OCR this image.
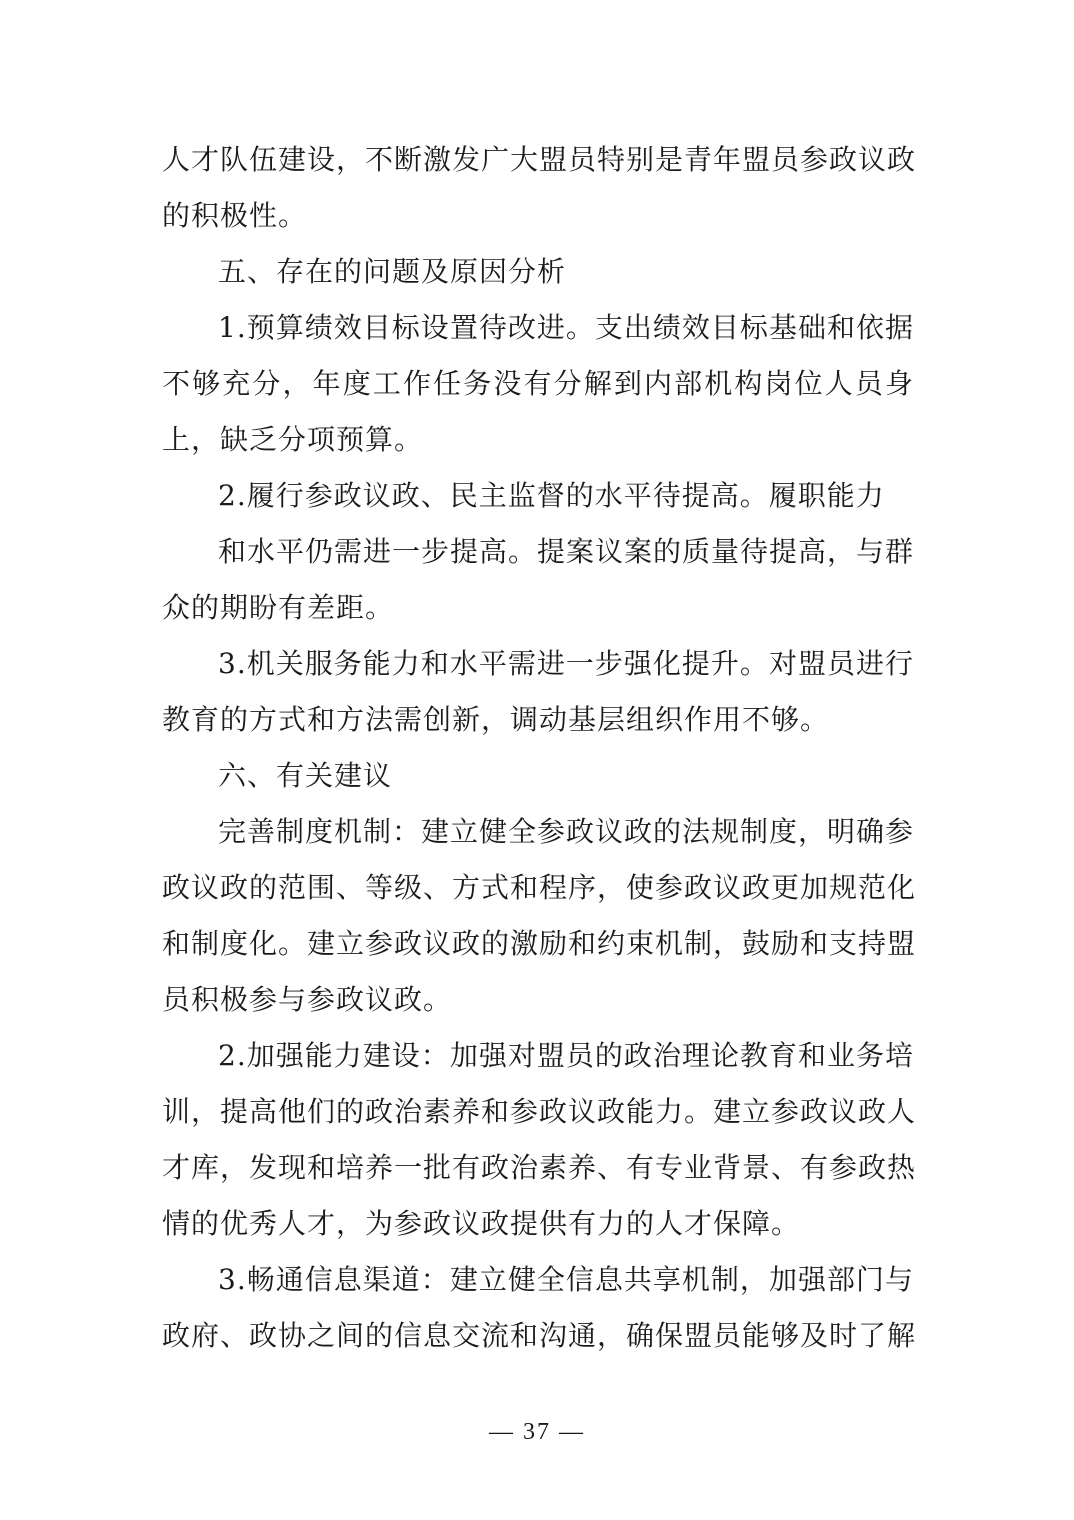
人才队伍建设，不断激发广大盟员特别是青年盟员参政议政
的积极性。
五、存在的问题及原因分析
1.预算绩效目标设置待改进。支出绩效目标基础和依据
不够充分，年度工作任务没有分解到内部机构岗位人员身
上，缺乏分项预算。
2.履行参政议政、民主监督的水平待提高。履职能力
和水平仍需进一步提高。提案议案的质量待提高，与群
众的期盼有差距。
3.机关服务能力和水平需进一步强化提升。对盟员进行
教育的方式和方法需创新，调动基层组织作用不够。
六、有关建议
完善制度机制：建立健全参政议政的法规制度，明确参
政议政的范围、等级、方式和程序，使参政议政更加规范化
和制度化。建立参政议政的激励和约束机制，鼓励和支持盟
员积极参与参政议政。
2.加强能力建设：加强对盟员的政治理论教育和业务培
训，提高他们的政治素养和参政议政能力。建立参政议政人
才库，发现和培养一批有政治素养、有专业背景、有参政热
情的优秀人才，为参政议政提供有力的人才保障。
3.畅通信息渠道：建立健全信息共享机制，加强部门与
政府、政协之间的信息交流和沟通，确保盟员能够及时了解
— 37 —
